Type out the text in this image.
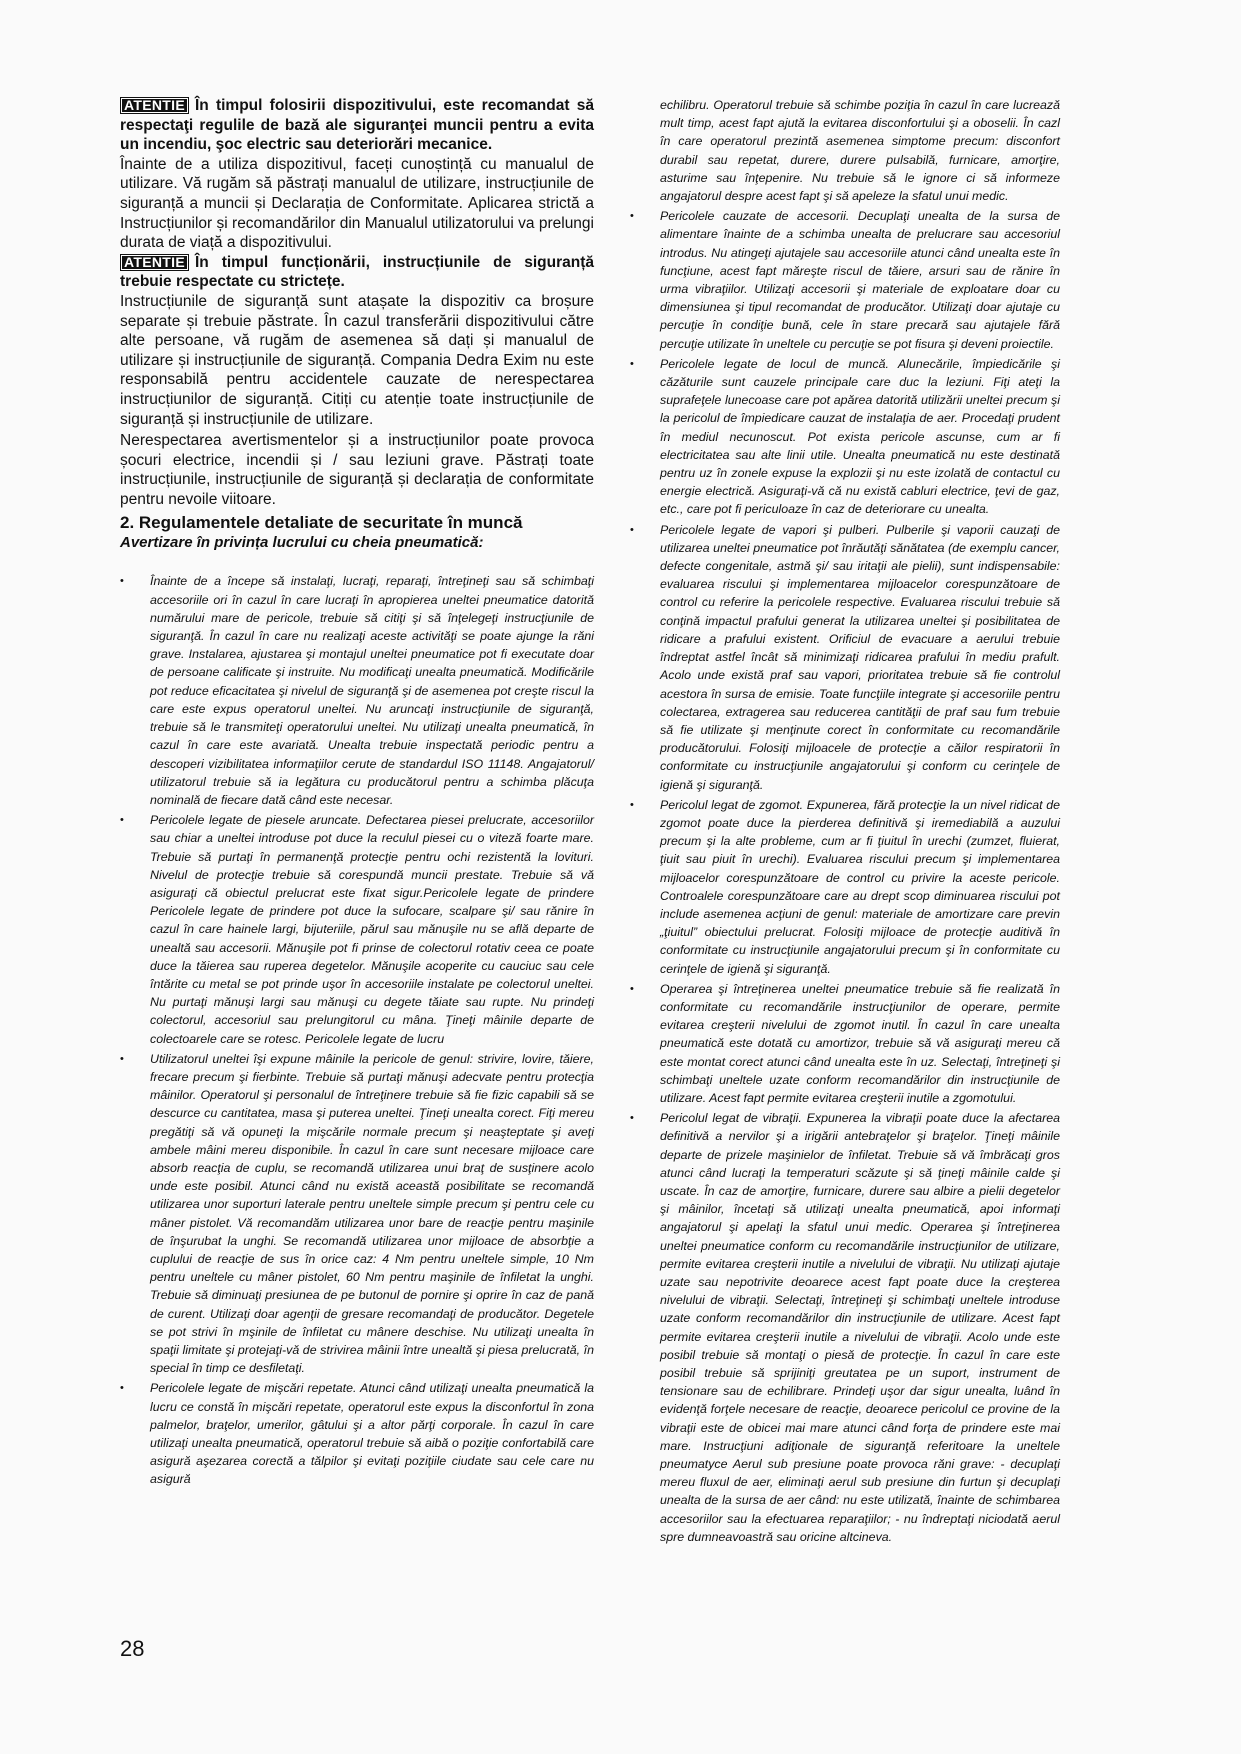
ATENTIE În timpul folosirii dispozitivului, este recomandat să respectaţi regulile de bază ale siguranţei muncii pentru a evita un incendiu, şoc electric sau deteriorări mecanice.

Înainte de a utiliza dispozitivul, faceți cunoștință cu manualul de utilizare. Vă rugăm să păstrați manualul de utilizare, instrucțiunile de siguranță a muncii și Declarația de Conformitate. Aplicarea strictă a Instrucțiunilor și recomandărilor din Manualul utilizatorului va prelungi durata de viață a dispozitivului.

ATENTIE În timpul funcționării, instrucțiunile de siguranță trebuie respectate cu strictețe.

Instrucțiunile de siguranță sunt atașate la dispozitiv ca broșure separate și trebuie păstrate. În cazul transferării dispozitivului către alte persoane, vă rugăm de asemenea să dați și manualul de utilizare și instrucțiunile de siguranță. Compania Dedra Exim nu este responsabilă pentru accidentele cauzate de nerespectarea instrucțiunilor de siguranță. Citiți cu atenție toate instrucțiunile de siguranță și instrucțiunile de utilizare.

Nerespectarea avertismentelor și a instrucțiunilor poate provoca șocuri electrice, incendii și / sau leziuni grave. Păstrați toate instrucțiunile, instrucțiunile de siguranță și declarația de conformitate pentru nevoile viitoare.

2. Regulamentele detaliate de securitate în muncă

Avertizare în privința lucrului cu cheia pneumatică:

• Înainte de a începe să instalaţi, lucraţi, reparaţi, întreţineţi sau să schimbaţi accesoriile ori în cazul în care lucraţi în apropierea uneltei pneumatice datorită numărului mare de pericole, trebuie să citiţi şi să înţelegeţi instrucţiunile de siguranţă. În cazul în care nu realizaţi aceste activităţi se poate ajunge la răni grave. Instalarea, ajustarea şi montajul uneltei pneumatice pot fi executate doar de persoane calificate şi instruite. Nu modificaţi unealta pneumatică. Modificările pot reduce eficacitatea şi nivelul de siguranţă şi de asemenea pot creşte riscul la care este expus operatorul uneltei. Nu aruncaţi instrucţiunile de siguranţă, trebuie să le transmiteţi operatorului uneltei. Nu utilizaţi unealta pneumatică, în cazul în care este avariată. Unealta trebuie inspectată periodic pentru a descoperi vizibilitatea informaţiilor cerute de standardul ISO 11148. Angajatorul/ utilizatorul trebuie să ia legătura cu producătorul pentru a schimba plăcuţa nominală de fiecare dată când este necesar.
• Pericolele legate de piesele aruncate. Defectarea piesei prelucrate, accesoriilor sau chiar a uneltei introduse pot duce la reculul piesei cu o viteză foarte mare. Trebuie să purtaţi în permanenţă protecţie pentru ochi rezistentă la lovituri. Nivelul de protecţie trebuie să corespundă muncii prestate. Trebuie să vă asiguraţi că obiectul prelucrat este fixat sigur.Pericolele legate de prindere Pericolele legate de prindere pot duce la sufocare, scalpare şi/ sau rănire în cazul în care hainele largi, bijuteriile, părul sau mănuşile nu se află departe de unealtă sau accesorii. Mănuşile pot fi prinse de colectorul rotativ ceea ce poate duce la tăierea sau ruperea degetelor. Mănuşile acoperite cu cauciuc sau cele întărite cu metal se pot prinde uşor în accesoriile instalate pe colectorul uneltei. Nu purtaţi mănuşi largi sau mănuşi cu degete tăiate sau rupte. Nu prindeţi colectorul, accesoriul sau prelungitorul cu mâna. Ţineţi mâinile departe de colectoarele care se rotesc. Pericolele legate de lucru
• Utilizatorul uneltei îşi expune mâinile la pericole de genul: strivire, lovire, tăiere, frecare precum şi fierbinte. Trebuie să purtaţi mănuşi adecvate pentru protecţia mâinilor. Operatorul şi personalul de întreţinere trebuie să fie fizic capabili să se descurce cu cantitatea, masa şi puterea uneltei. Ţineţi unealta corect. Fiţi mereu pregătiţi să vă opuneţi la mişcările normale precum şi neaşteptate şi aveţi ambele mâini mereu disponibile. În cazul în care sunt necesare mijloace care absorb reacţia de cuplu, se recomandă utilizarea unui braţ de susţinere acolo unde este posibil. Atunci când nu există această posibilitate se recomandă utilizarea unor suporturi laterale pentru uneltele simple precum şi pentru cele cu mâner pistolet. Vă recomandăm utilizarea unor bare de reacţie pentru maşinile de înşurubat la unghi. Se recomandă utilizarea unor mijloace de absorbţie a cuplului de reacţie de sus în orice caz: 4 Nm pentru uneltele simple, 10 Nm pentru uneltele cu mâner pistolet, 60 Nm pentru maşinile de înfiletat la unghi. Trebuie să diminuaţi presiunea de pe butonul de pornire şi oprire în caz de pană de curent. Utilizaţi doar agenţii de gresare recomandaţi de producător. Degetele se pot strivi în mşinile de înfiletat cu mânere deschise. Nu utilizaţi unealta în spaţii limitate şi protejaţi-vă de strivirea mâinii între unealtă şi piesa prelucrată, în special în timp ce desfiletaţi.
• Pericolele legate de mişcări repetate. Atunci când utilizaţi unealta pneumatică la lucru ce constă în mişcări repetate, operatorul este expus la disconfortul în zona palmelor, braţelor, umerilor, gâtului şi a altor părţi corporale. În cazul în care utilizaţi unealta pneumatică, operatorul trebuie să aibă o poziţie confortabilă care asigură aşezarea corectă a tălpilor şi evitaţi poziţiile ciudate sau cele care nu asigură

echilibru. Operatorul trebuie să schimbe poziţia în cazul în care lucrează mult timp, acest fapt ajută la evitarea disconfortului şi a oboselii. În cazl în care operatorul prezintă asemenea simptome precum: disconfort durabil sau repetat, durere, durere pulsabilă, furnicare, amorţire, asturime sau înţepenire. Nu trebuie să le ignore ci să informeze angajatorul despre acest fapt şi să apeleze la sfatul unui medic.

• Pericolele cauzate de accesorii. Decuplaţi unealta de la sursa de alimentare înainte de a schimba unealta de prelucrare sau accesoriul introdus. Nu atingeţi ajutajele sau accesoriile atunci când unealta este în funcţiune, acest fapt măreşte riscul de tăiere, arsuri sau de rănire în urma vibraţiilor. Utilizaţi accesorii şi materiale de exploatare doar cu dimensiunea şi tipul recomandat de producător. Utilizaţi doar ajutaje cu percuţie în condiţie bună, cele în stare precară sau ajutajele fără percuţie utilizate în uneltele cu percuţie se pot fisura şi deveni proiectile.
• Pericolele legate de locul de muncă. Alunecările, împiedicările şi căzăturile sunt cauzele principale care duc la leziuni. Fiţi ateţi la suprafeţele lunecoase care pot apărea datorită utilizării uneltei precum şi la pericolul de împiedicare cauzat de instalaţia de aer. Procedaţi prudent în mediul necunoscut. Pot exista pericole ascunse, cum ar fi electricitatea sau alte linii utile. Unealta pneumatică nu este destinată pentru uz în zonele expuse la explozii şi nu este izolată de contactul cu energie electrică. Asiguraţi-vă că nu există cabluri electrice, ţevi de gaz, etc., care pot fi periculoaze în caz de deteriorare cu unealta.
• Pericolele legate de vapori şi pulberi. Pulberile şi vaporii cauzaţi de utilizarea uneltei pneumatice pot înrăutăţi sănătatea (de exemplu cancer, defecte congenitale, astmă şi/ sau iritaţii ale pielii), sunt indispensabile: evaluarea riscului şi implementarea mijloacelor corespunzătoare de control cu referire la pericolele respective. Evaluarea riscului trebuie să conţină impactul prafului generat la utilizarea uneltei şi posibilitatea de ridicare a prafului existent. Orificiul de evacuare a aerului trebuie îndreptat astfel încât să minimizaţi ridicarea prafului în mediu prafult. Acolo unde există praf sau vapori, prioritatea trebuie să fie controlul acestora în sursa de emisie. Toate funcţiile integrate şi accesoriile pentru colectarea, extragerea sau reducerea cantităţii de praf sau fum trebuie să fie utilizate şi menţinute corect în conformitate cu recomandările producătorului. Folosiţi mijloacele de protecţie a căilor respiratorii în conformitate cu instrucţiunile angajatorului şi conform cu cerinţele de igienă şi siguranţă.
• Pericolul legat de zgomot. Expunerea, fără protecţie la un nivel ridicat de zgomot poate duce la pierderea definitivă şi iremediabilă a auzului precum şi la alte probleme, cum ar fi ţiuitul în urechi (zumzet, fluierat, ţiuit sau piuit în urechi). Evaluarea riscului precum şi implementarea mijloacelor corespunzătoare de control cu privire la aceste pericole. Controalele corespunzătoare care au drept scop diminuarea riscului pot include asemenea acţiuni de genul: materiale de amortizare care previn „ţiuitul” obiectului prelucrat. Folosiţi mijloace de protecţie auditivă în conformitate cu instrucţiunile angajatorului precum şi în conformitate cu cerinţele de igienă şi siguranţă.
• Operarea şi întreţinerea uneltei pneumatice trebuie să fie realizată în conformitate cu recomandările instrucţiunilor de operare, permite evitarea creşterii nivelului de zgomot inutil. În cazul în care unealta pneumatică este dotată cu amortizor, trebuie să vă asiguraţi mereu că este montat corect atunci când unealta este în uz. Selectaţi, întreţineţi şi schimbaţi uneltele uzate conform recomandărilor din instrucţiunile de utilizare. Acest fapt permite evitarea creşterii inutile a zgomotului.
• Pericolul legat de vibraţii. Expunerea la vibraţii poate duce la afectarea definitivă a nervilor şi a irigării antebraţelor şi braţelor. Ţineţi mâinile departe de prizele maşinielor de înfiletat. Trebuie să vă îmbrăcaţi gros atunci când lucraţi la temperaturi scăzute şi să ţineţi mâinile calde şi uscate. În caz de amorţire, furnicare, durere sau albire a pielii degetelor şi mâinilor, încetaţi să utilizaţi unealta pneumatică, apoi informaţi angajatorul şi apelaţi la sfatul unui medic. Operarea şi întreţinerea uneltei pneumatice conform cu recomandările instrucţiunilor de utilizare, permite evitarea creşterii inutile a nivelului de vibraţii. Nu utilizaţi ajutaje uzate sau nepotrivite deoarece acest fapt poate duce la creşterea nivelului de vibraţii. Selectaţi, întreţineţi şi schimbaţi uneltele introduse uzate conform recomandărilor din instrucţiunile de utilizare. Acest fapt permite evitarea creşterii inutile a nivelului de vibraţii. Acolo unde este posibil trebuie să montaţi o piesă de protecţie. În cazul în care este posibil trebuie să sprijiniţi greutatea pe un suport, instrument de tensionare sau de echilibrare. Prindeţi uşor dar sigur unealta, luând în evidenţă forţele necesare de reacţie, deoarece pericolul ce provine de la vibraţii este de obicei mai mare atunci când forţa de prindere este mai mare. Instrucţiuni adiţionale de siguranţă referitoare la uneltele pneumatyce Aerul sub presiune poate provoca răni grave: - decuplaţi mereu fluxul de aer, eliminaţi aerul sub presiune din furtun şi decuplaţi unealta de la sursa de aer când: nu este utilizată, înainte de schimbarea accesoriilor sau la efectuarea reparaţiilor; - nu îndreptaţi niciodată aerul spre dumneavoastră sau oricine altcineva.
28
